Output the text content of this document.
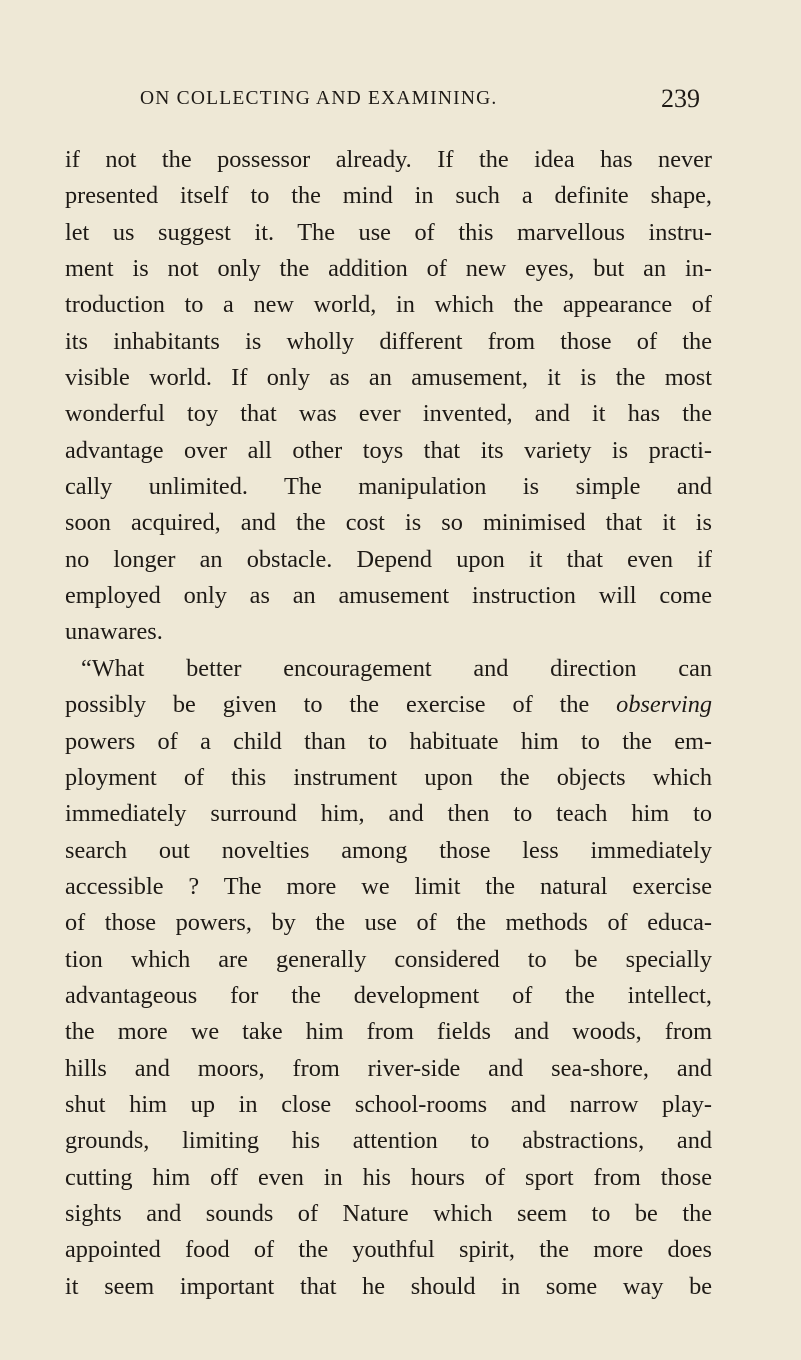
ON COLLECTING AND EXAMINING.	239
if not the possessor already. If the idea has never
presented itself to the mind in such a definite shape,
let us suggest it. The use of this marvellous instru-
ment is not only the addition of new eyes, but an in-
troduction to a new world, in which the appearance of
its inhabitants is wholly different from those of the
visible world. If only as an amusement, it is the most
wonderful toy that was ever invented, and it has the
advantage over all other toys that its variety is practi-
cally unlimited. The manipulation is simple and
soon acquired, and the cost is so minimised that it is
no longer an obstacle. Depend upon it that even if
employed only as an amusement instruction will come
unawares.
“What better encouragement and direction can
possibly be given to the exercise of the observing
powers of a child than to habituate him to the em-
ployment of this instrument upon the objects which
immediately surround him, and then to teach him to
search out novelties among those less immediately
accessible ? The more we limit the natural exercise
of those powers, by the use of the methods of educa-
tion which are generally considered to be specially
advantageous for the development of the intellect,
the more we take him from fields and woods, from
hills and moors, from river-side and sea-shore, and
shut him up in close school-rooms and narrow play-
grounds, limiting his attention to abstractions, and
cutting him off even in his hours of sport from those
sights and sounds of Nature which seem to be the
appointed food of the youthful spirit, the more does
it seem important that he should in some way be
